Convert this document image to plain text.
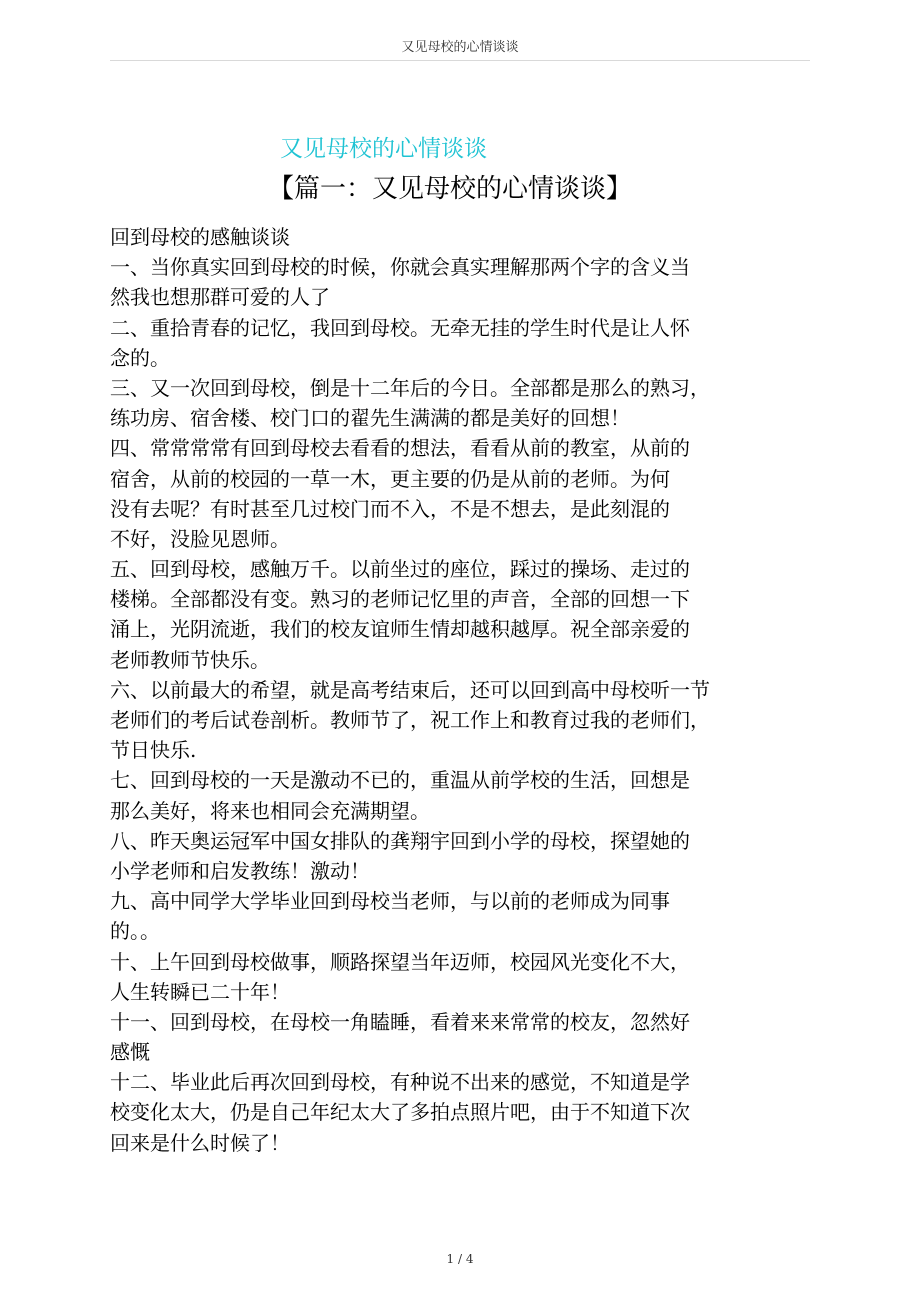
又见母校的心情谈谈
又见母校的心情谈谈
【篇一：又见母校的心情谈谈】
回到母校的感触谈谈
一、当你真实回到母校的时候，你就会真实理解那两个字的含义当
然我也想那群可爱的人了
二、重拾青春的记忆，我回到母校。无牵无挂的学生时代是让人怀
念的。
三、又一次回到母校，倒是十二年后的今日。全部都是那么的熟习，
练功房、宿舍楼、校门口的翟先生满满的都是美好的回想！
四、常常常常有回到母校去看看的想法，看看从前的教室，从前的
宿舍，从前的校园的一草一木，更主要的仍是从前的老师。为何
没有去呢？有时甚至几过校门而不入，不是不想去，是此刻混的
不好，没脸见恩师。
五、回到母校，感触万千。以前坐过的座位，踩过的操场、走过的
楼梯。全部都没有变。熟习的老师记忆里的声音，全部的回想一下
涌上，光阴流逝，我们的校友谊师生情却越积越厚。祝全部亲爱的
老师教师节快乐。
六、以前最大的希望，就是高考结束后，还可以回到高中母校听一节
老师们的考后试卷剖析。教师节了，祝工作上和教育过我的老师们，
节日快乐.
七、回到母校的一天是激动不已的，重温从前学校的生活，回想是
那么美好，将来也相同会充满期望。
八、昨天奥运冠军中国女排队的龚翔宇回到小学的母校，探望她的
小学老师和启发教练！激动！
九、高中同学大学毕业回到母校当老师，与以前的老师成为同事
的。。
十、上午回到母校做事，顺路探望当年迈师，校园风光变化不大，
人生转瞬已二十年！
十一、回到母校，在母校一角瞌睡，看着来来常常的校友，忽然好
感慨
十二、毕业此后再次回到母校，有种说不出来的感觉，不知道是学
校变化太大，仍是自己年纪太大了多拍点照片吧，由于不知道下次
回来是什么时候了！
1 / 4
